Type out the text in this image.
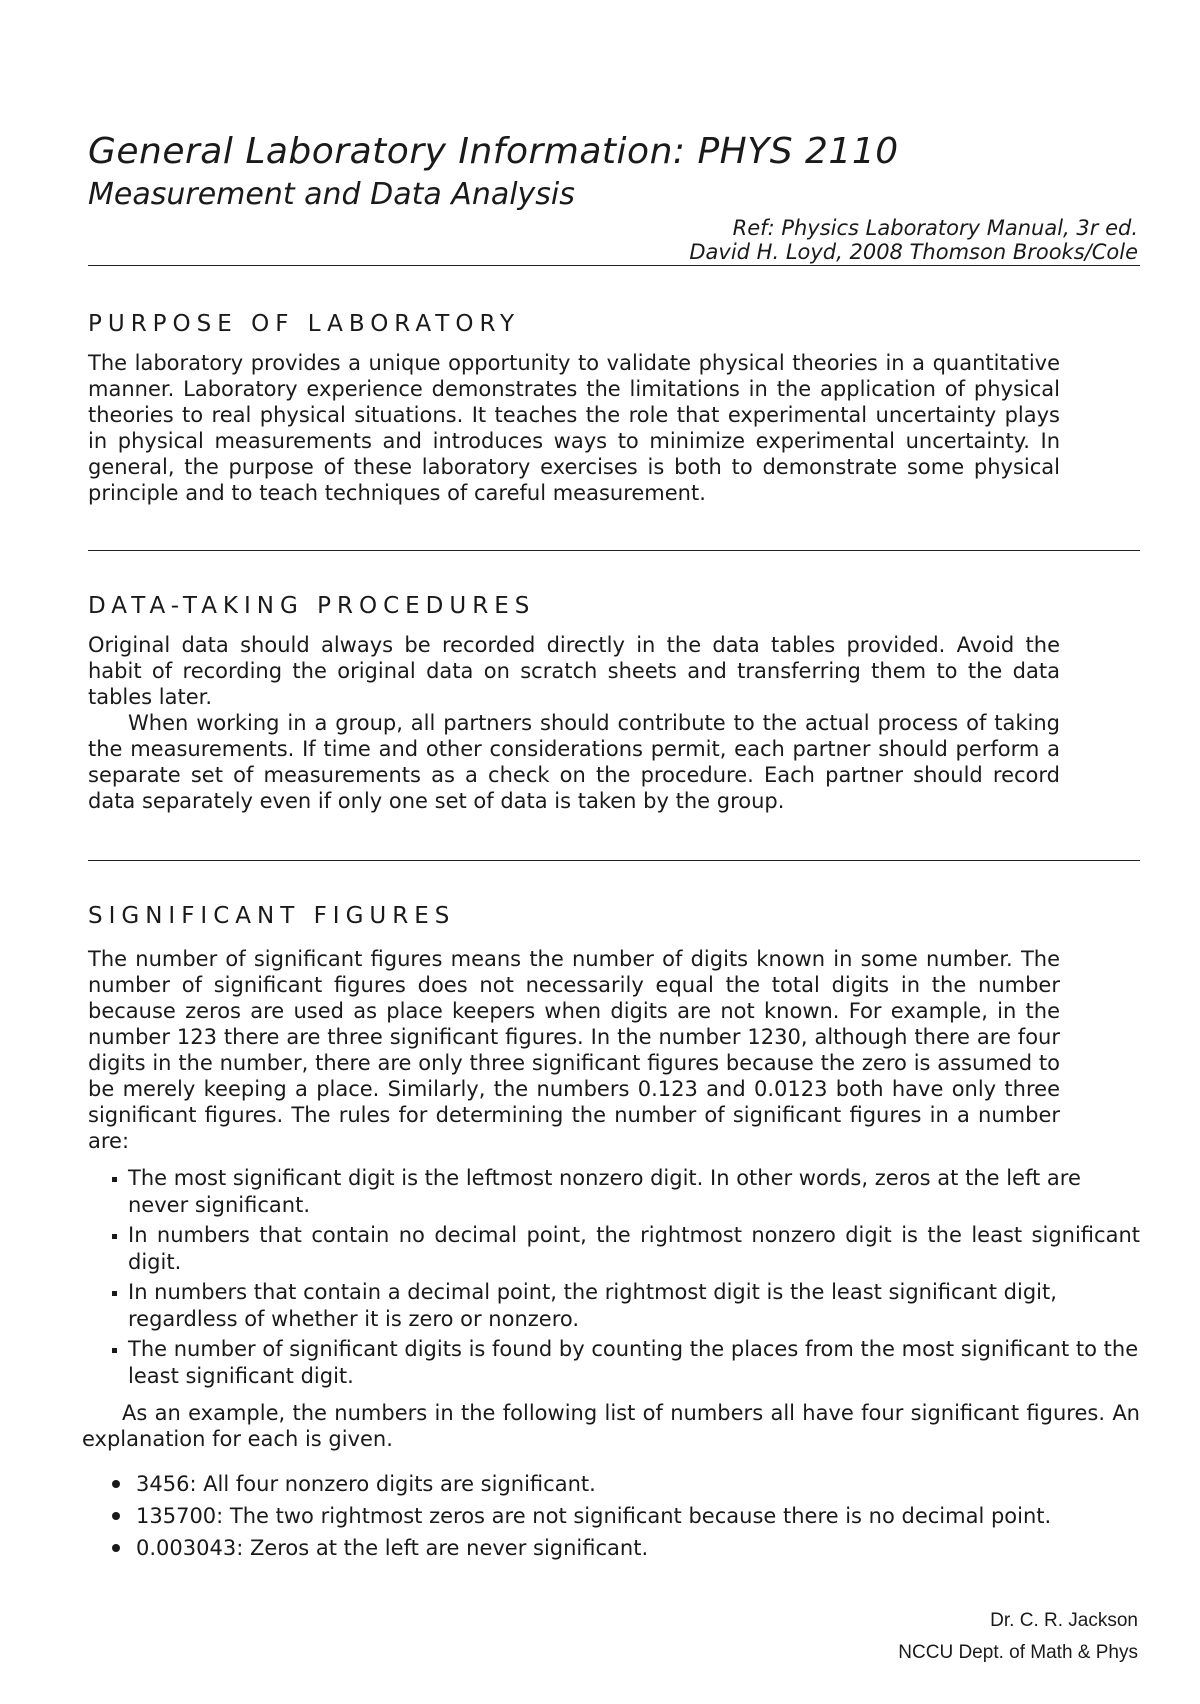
General Laboratory Information: PHYS 2110
Measurement and Data Analysis
Ref: Physics Laboratory Manual, 3r ed.
David H. Loyd, 2008 Thomson Brooks/Cole
PURPOSE OF LABORATORY
The laboratory provides a unique opportunity to validate physical theories in a quantitative manner. Laboratory experience demonstrates the limitations in the application of physical theories to real physical situations. It teaches the role that experimental uncertainty plays in physical measurements and introduces ways to minimize experimental uncertainty. In general, the purpose of these laboratory exercises is both to demonstrate some physical principle and to teach techniques of careful measurement.
DATA-TAKING PROCEDURES
Original data should always be recorded directly in the data tables provided. Avoid the habit of recording the original data on scratch sheets and transferring them to the data tables later.
When working in a group, all partners should contribute to the actual process of taking the measurements. If time and other considerations permit, each partner should perform a separate set of measurements as a check on the procedure. Each partner should record data separately even if only one set of data is taken by the group.
SIGNIFICANT FIGURES
The number of significant figures means the number of digits known in some number. The number of significant figures does not necessarily equal the total digits in the number because zeros are used as place keepers when digits are not known. For example, in the number 123 there are three significant figures. In the number 1230, although there are four digits in the number, there are only three significant figures because the zero is assumed to be merely keeping a place. Similarly, the numbers 0.123 and 0.0123 both have only three significant figures. The rules for determining the number of significant figures in a number are:
The most significant digit is the leftmost nonzero digit. In other words, zeros at the left are never significant.
In numbers that contain no decimal point, the rightmost nonzero digit is the least significant digit.
In numbers that contain a decimal point, the rightmost digit is the least significant digit, regardless of whether it is zero or nonzero.
The number of significant digits is found by counting the places from the most significant to the least significant digit.
As an example, the numbers in the following list of numbers all have four significant figures. An explanation for each is given.
3456: All four nonzero digits are significant.
135700: The two rightmost zeros are not significant because there is no decimal point.
0.003043: Zeros at the left are never significant.
Dr. C. R. Jackson
NCCU Dept. of Math & Phys
